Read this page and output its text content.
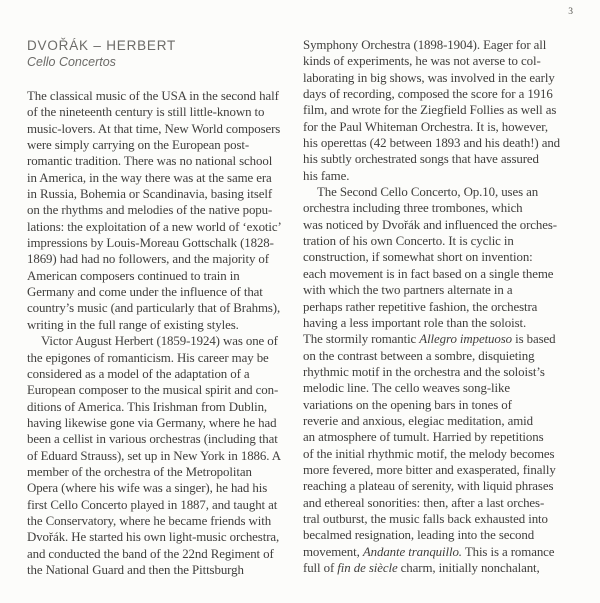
3
DVOŘÁK – HERBERT
Cello Concertos
The classical music of the USA in the second half
of the nineteenth century is still little-known to
music-lovers. At that time, New World composers
were simply carrying on the European post-
romantic tradition. There was no national school
in America, in the way there was at the same era
in Russia, Bohemia or Scandinavia, basing itself
on the rhythms and melodies of the native popu-
lations: the exploitation of a new world of ‘exotic’
impressions by Louis-Moreau Gottschalk (1828-
1869) had had no followers, and the majority of
American composers continued to train in
Germany and come under the influence of that
country’s music (and particularly that of Brahms),
writing in the full range of existing styles.
Victor August Herbert (1859-1924) was one of
the epigones of romanticism. His career may be
considered as a model of the adaptation of a
European composer to the musical spirit and con-
ditions of America. This Irishman from Dublin,
having likewise gone via Germany, where he had
been a cellist in various orchestras (including that
of Eduard Strauss), set up in New York in 1886. A
member of the orchestra of the Metropolitan
Opera (where his wife was a singer), he had his
first Cello Concerto played in 1887, and taught at
the Conservatory, where he became friends with
Dvořák. He started his own light-music orchestra,
and conducted the band of the 22nd Regiment of
the National Guard and then the Pittsburgh
Symphony Orchestra (1898-1904). Eager for all
kinds of experiments, he was not averse to col-
laborating in big shows, was involved in the early
days of recording, composed the score for a 1916
film, and wrote for the Ziegfield Follies as well as
for the Paul Whiteman Orchestra. It is, however,
his operettas (42 between 1893 and his death!) and
his subtly orchestrated songs that have assured
his fame.
The Second Cello Concerto, Op.10, uses an
orchestra including three trombones, which
was noticed by Dvořák and influenced the orches-
tration of his own Concerto. It is cyclic in
construction, if somewhat short on invention:
each movement is in fact based on a single theme
with which the two partners alternate in a
perhaps rather repetitive fashion, the orchestra
having a less important role than the soloist.
The stormily romantic Allegro impetuoso is based
on the contrast between a sombre, disquieting
rhythmic motif in the orchestra and the soloist’s
melodic line. The cello weaves song-like
variations on the opening bars in tones of
reverie and anxious, elegiac meditation, amid
an atmosphere of tumult. Harried by repetitions
of the initial rhythmic motif, the melody becomes
more fevered, more bitter and exasperated, finally
reaching a plateau of serenity, with liquid phrases
and ethereal sonorities: then, after a last orches-
tral outburst, the music falls back exhausted into
becalmed resignation, leading into the second
movement, Andante tranquillo. This is a romance
full of fin de siècle charm, initially nonchalant,
